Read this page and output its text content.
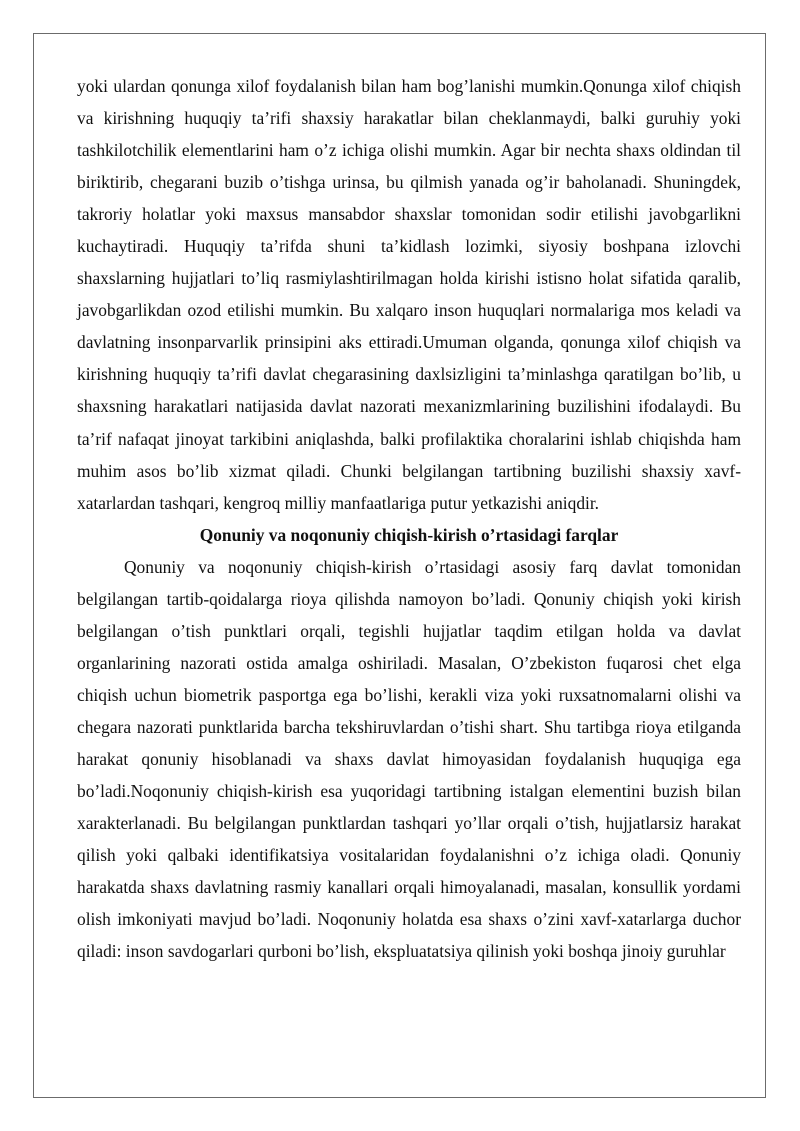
yoki ulardan qonunga xilof foydalanish bilan ham bog’lanishi mumkin.Qonunga xilof chiqish va kirishning huquqiy ta’rifi shaxsiy harakatlar bilan cheklanmaydi, balki guruhiy yoki tashkilotchilik elementlarini ham o’z ichiga olishi mumkin. Agar bir nechta shaxs oldindan til biriktirib, chegarani buzib o’tishga urinsa, bu qilmish yanada og’ir baholanadi. Shuningdek, takroriy holatlar yoki maxsus mansabdor shaxslar tomonidan sodir etilishi javobgarlikni kuchaytiradi. Huquqiy ta’rifda shuni ta’kidlash lozimki, siyosiy boshpana izlovchi shaxslarning hujjatlari to’liq rasmiylashtirilmagan holda kirishi istisno holat sifatida qaralib, javobgarlikdan ozod etilishi mumkin. Bu xalqaro inson huquqlari normalariga mos keladi va davlatning insonparvarlik prinsipini aks ettiradi.Umuman olganda, qonunga xilof chiqish va kirishning huquqiy ta’rifi davlat chegarasining daxlsizligini ta’minlashga qaratilgan bo’lib, u shaxsning harakatlari natijasida davlat nazorati mexanizmlarining buzilishini ifodalaydi. Bu ta’rif nafaqat jinoyat tarkibini aniqlashda, balki profilaktika choralarini ishlab chiqishda ham muhim asos bo’lib xizmat qiladi. Chunki belgilangan tartibning buzilishi shaxsiy xavf-xatarlardan tashqari, kengroq milliy manfaatlariga putur yetkazishi aniqdir.

Qonuniy va noqonuniy chiqish-kirish o’rtasidagi farqlar

Qonuniy va noqonuniy chiqish-kirish o’rtasidagi asosiy farq davlat tomonidan belgilangan tartib-qoidalarga rioya qilishda namoyon bo’ladi. Qonuniy chiqish yoki kirish belgilangan o’tish punktlari orqali, tegishli hujjatlar taqdim etilgan holda va davlat organlarining nazorati ostida amalga oshiriladi. Masalan, O’zbekiston fuqarosi chet elga chiqish uchun biometrik pasportga ega bo’lishi, kerakli viza yoki ruxsatnomalarni olishi va chegara nazorati punktlarida barcha tekshiruvlardan o’tishi shart. Shu tartibga rioya etilganda harakat qonuniy hisoblanadi va shaxs davlat himoyasidan foydalanish huquqiga ega bo’ladi.Noqonuniy chiqish-kirish esa yuqoridagi tartibning istalgan elementini buzish bilan xarakterlanadi. Bu belgilangan punktlardan tashqari yo’llar orqali o’tish, hujjatlarsiz harakat qilish yoki qalbaki identifikatsiya vositalaridan foydalanishni o’z ichiga oladi. Qonuniy harakatda shaxs davlatning rasmiy kanallari orqali himoyalanadi, masalan, konsullik yordami olish imkoniyati mavjud bo’ladi. Noqonuniy holatda esa shaxs o’zini xavf-xatarlarga duchor qiladi: inson savdogarlari qurboni bo’lish, ekspluatatsiya qilinish yoki boshqa jinoiy guruhlar
